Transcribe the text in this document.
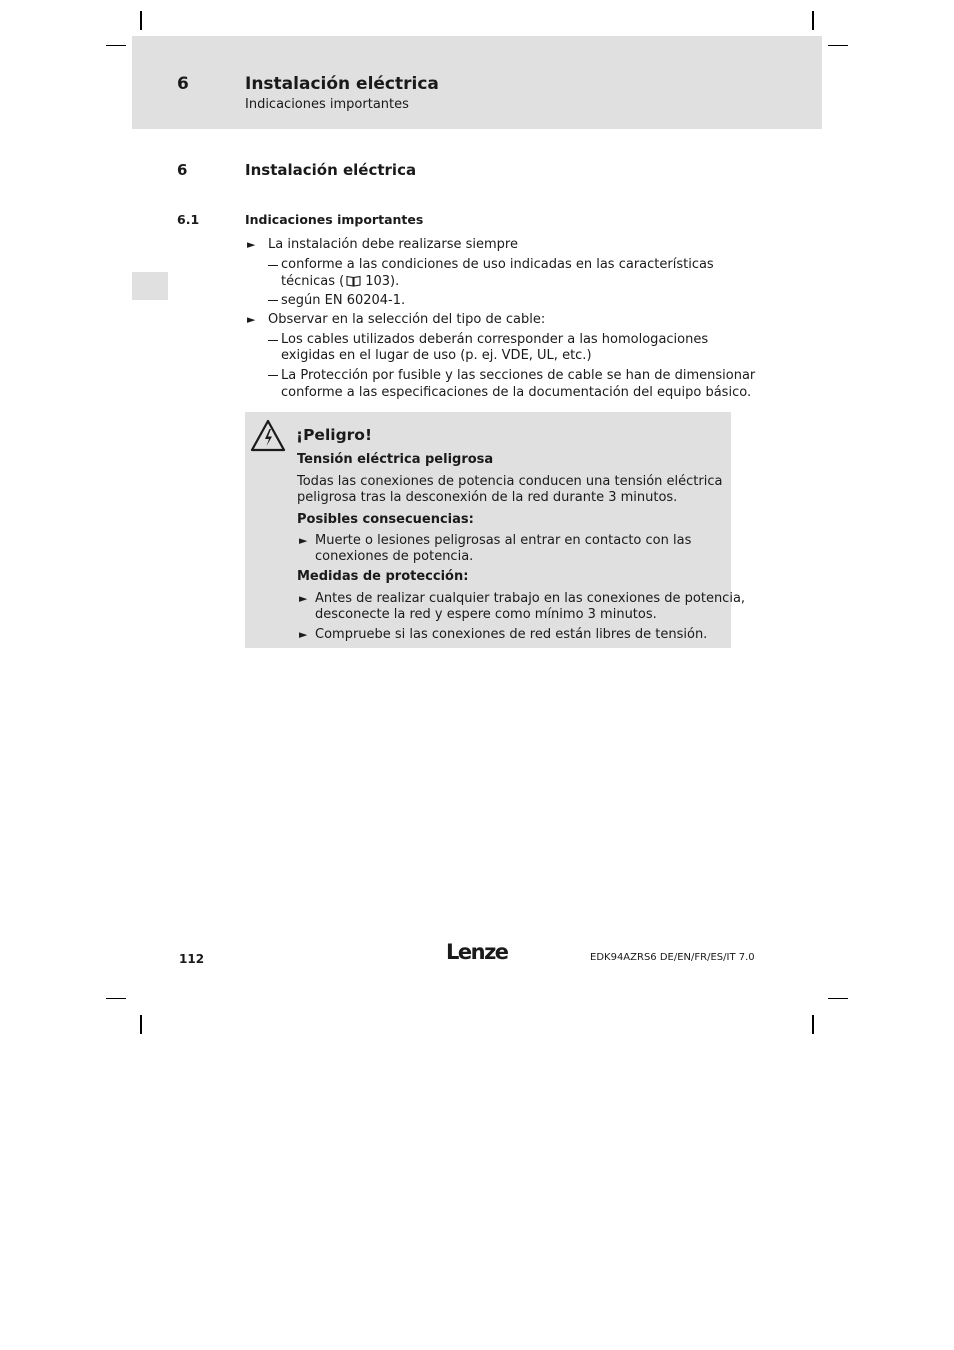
6	Instalación eléctrica
Indicaciones importantes
6	Instalación eléctrica
6.1	Indicaciones importantes
► La instalación debe realizarse siempre
conforme a las condiciones de uso indicadas en las características
técnicas ( 103).
según EN 60204-1.
► Observar en la selección del tipo de cable:
Los cables utilizados deberán corresponder a las homologaciones
exigidas en el lugar de uso (p. ej. VDE, UL, etc.)
La Protección por fusible y las secciones de cable se han de dimensionar
conforme a las especificaciones de la documentación del equipo básico.
¡Peligro!
Tensión eléctrica peligrosa
Todas las conexiones de potencia conducen una tensión eléctrica
peligrosa tras la desconexión de la red durante 3 minutos.
Posibles consecuencias:
► Muerte o lesiones peligrosas al entrar en contacto con las
conexiones de potencia.
Medidas de protección:
► Antes de realizar cualquier trabajo en las conexiones de potencia,
desconecte la red y espere como mínimo 3 minutos.
► Compruebe si las conexiones de red están libres de tensión.
112	Lenze	EDK94AZRS6 DE/EN/FR/ES/IT 7.0
